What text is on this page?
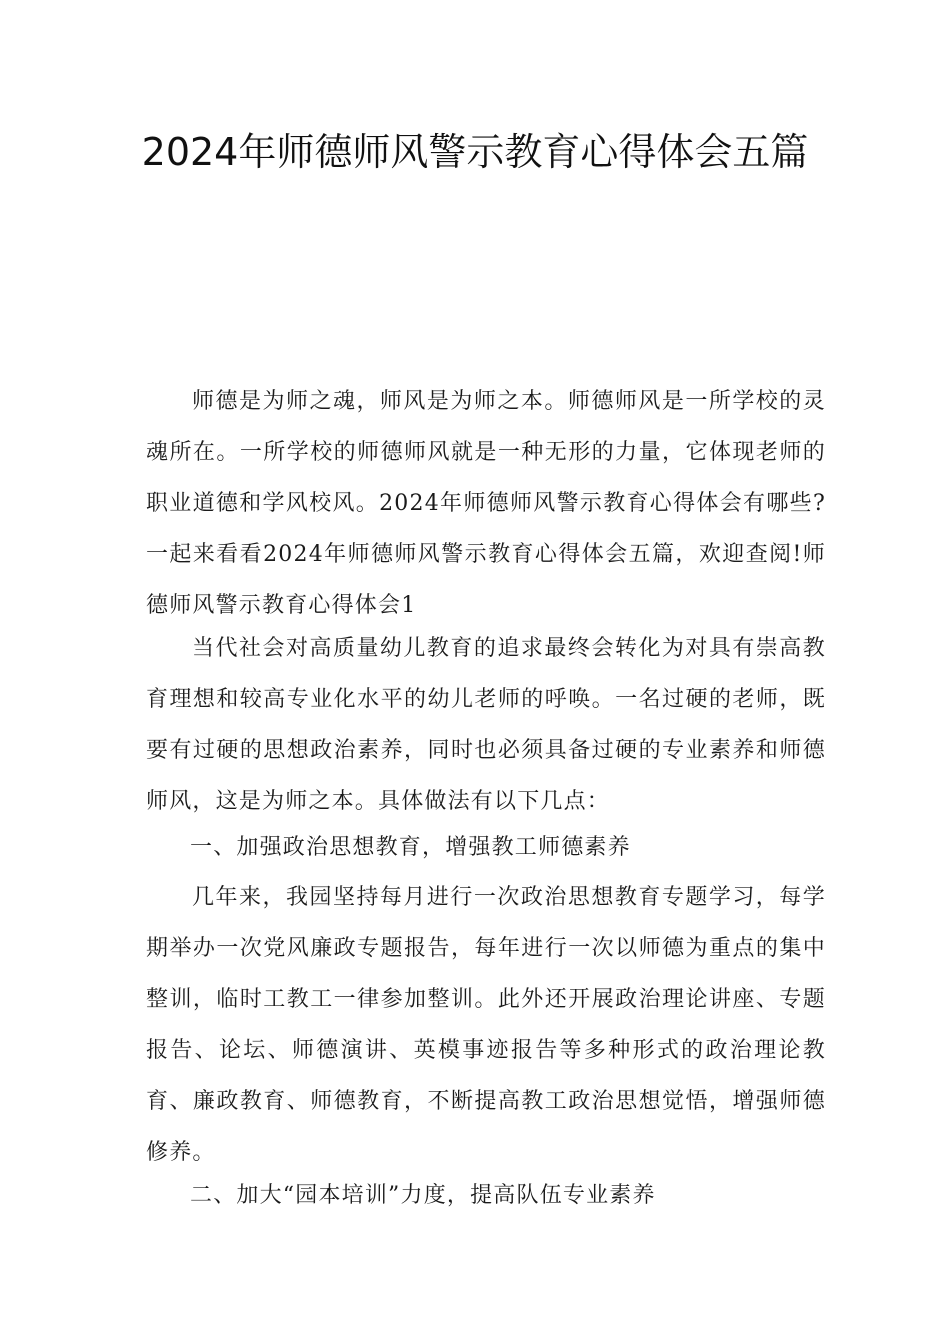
2024年师德师风警示教育心得体会五篇

师德是为师之魂，师风是为师之本。师德师风是一所学校的灵魂所在。一所学校的师德师风就是一种无形的力量，它体现老师的职业道德和学风校风。2024年师德师风警示教育心得体会有哪些?一起来看看2024年师德师风警示教育心得体会五篇，欢迎查阅!师德师风警示教育心得体会1

当代社会对高质量幼儿教育的追求最终会转化为对具有崇高教育理想和较高专业化水平的幼儿老师的呼唤。一名过硬的老师，既要有过硬的思想政治素养，同时也必须具备过硬的专业素养和师德师风，这是为师之本。具体做法有以下几点：

一、加强政治思想教育，增强教工师德素养

几年来，我园坚持每月进行一次政治思想教育专题学习，每学期举办一次党风廉政专题报告，每年进行一次以师德为重点的集中整训，临时工教工一律参加整训。此外还开展政治理论讲座、专题报告、论坛、师德演讲、英模事迹报告等多种形式的政治理论教育、廉政教育、师德教育，不断提高教工政治思想觉悟，增强师德修养。

二、加大“园本培训”力度，提高队伍专业素养
